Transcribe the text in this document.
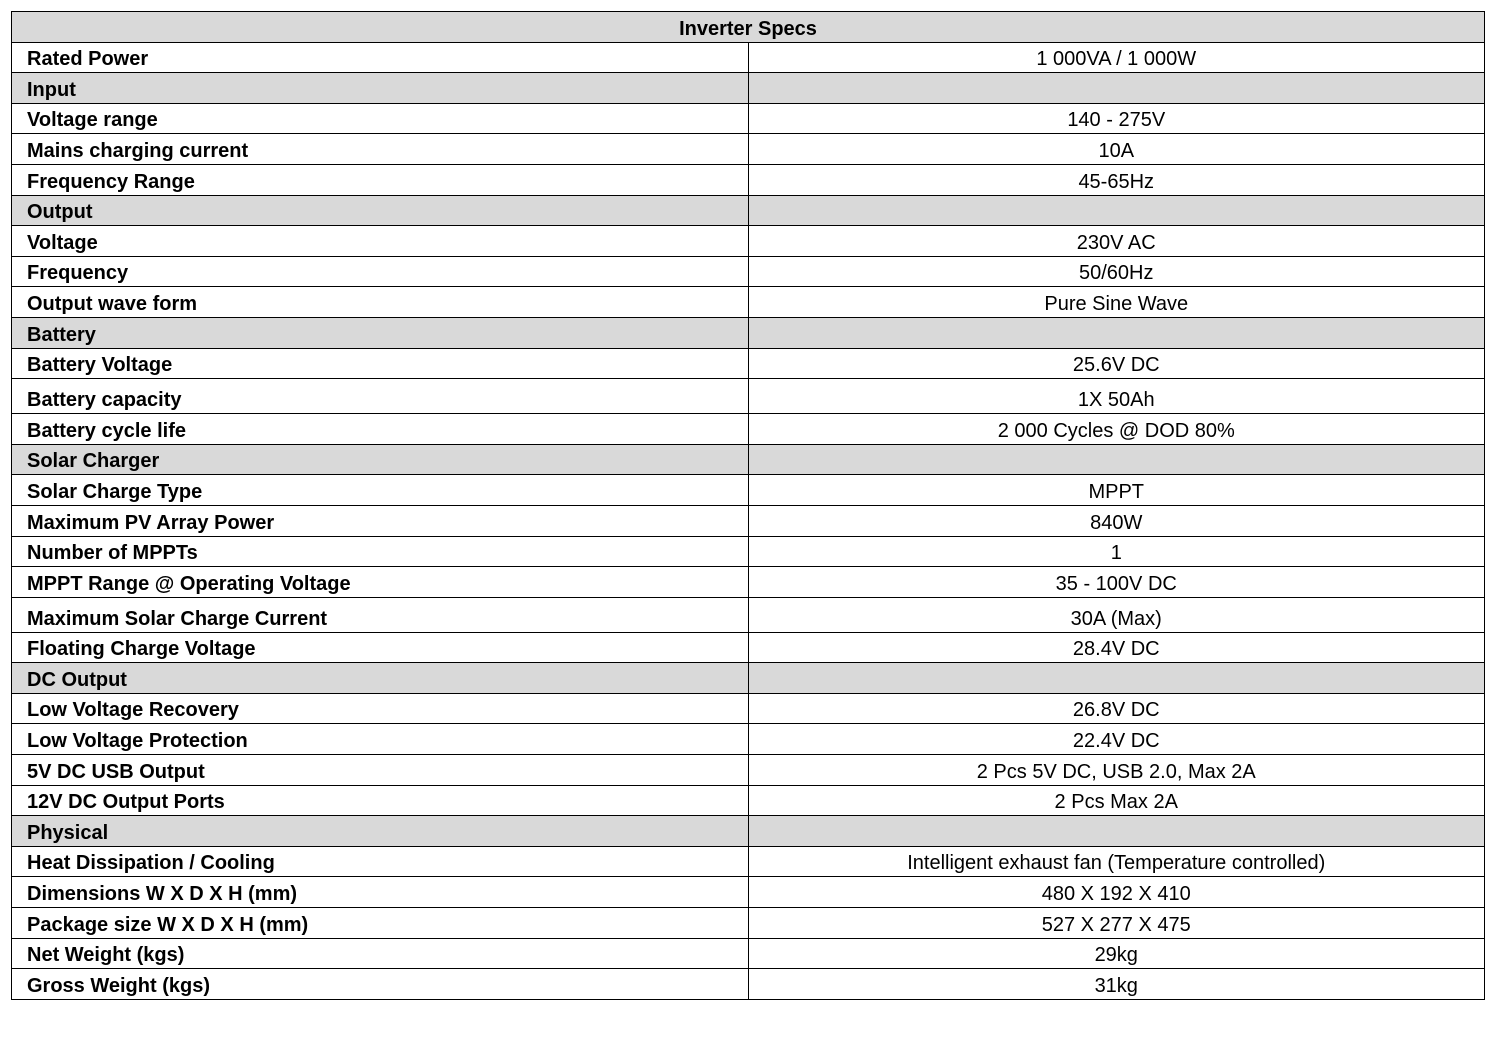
Inverter Specs	
Rated Power	1 000VA / 1 000W
Input	
Voltage range	140 - 275V
Mains charging current	10A
Frequency Range	45-65Hz
Output	
Voltage	230V AC
Frequency	50/60Hz
Output wave form	Pure Sine Wave
Battery	
Battery Voltage	25.6V DC
Battery capacity	1X 50Ah
Battery cycle life	2 000 Cycles @ DOD 80%
Solar Charger	
Solar Charge Type	MPPT
Maximum PV Array Power	840W
Number of MPPTs	1
MPPT Range @ Operating Voltage	35 - 100V DC
Maximum Solar Charge Current	30A (Max)
Floating Charge Voltage	28.4V DC
DC Output	
Low Voltage Recovery	26.8V DC
Low Voltage Protection	22.4V DC
5V DC USB Output	2 Pcs 5V DC, USB 2.0, Max 2A
12V DC Output Ports	2 Pcs Max 2A
Physical	
Heat Dissipation / Cooling	Intelligent exhaust fan (Temperature controlled)
Dimensions W X D X H (mm)	480 X 192 X 410
Package size W X D X H (mm)	527 X 277 X 475
Net Weight (kgs)	29kg
Gross Weight (kgs)	31kg
